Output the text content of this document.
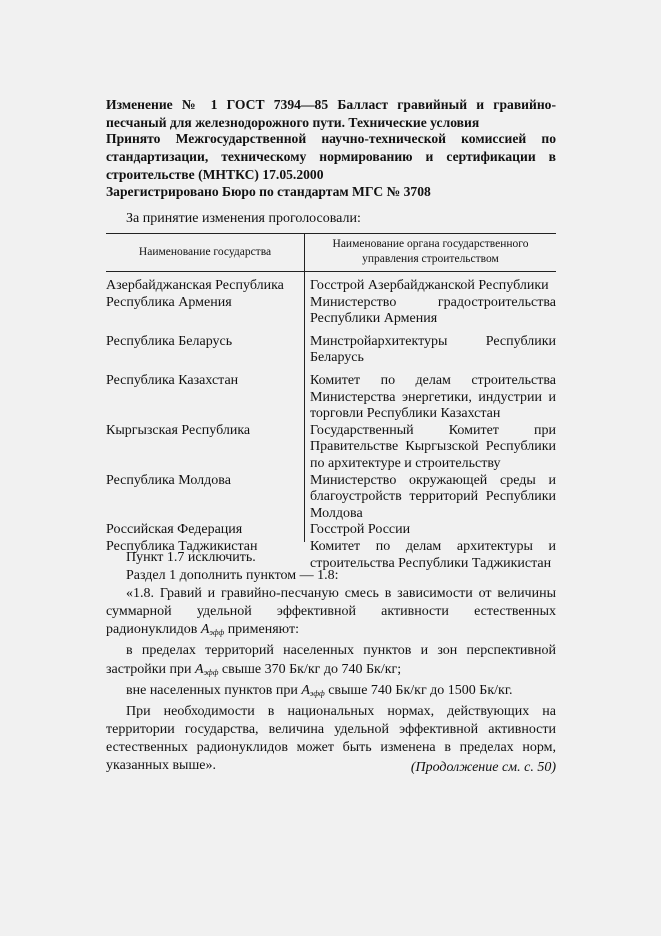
Изменение № 1 ГОСТ 7394—85 Балласт гравийный и гравийно-песчаный для железнодорожного пути. Технические условия
Принято Межгосударственной научно-технической комиссией по стандартизации, техническому нормированию и сертификации в строительстве (МНТКС) 17.05.2000
Зарегистрировано Бюро по стандартам МГС № 3708
За принятие изменения проголосовали:
Наименование государства
Наименование органа государственного управления строительством
Азербайджанская Республика	Госстрой Азербайджанской Республики
Республика Армения	Министерство градостроительства Республики Армения
Республика Беларусь	Минстройархитектуры Республики Беларусь
Республика Казахстан	Комитет по делам строительства Министерства энергетики, индустрии и торговли Республики Казахстан
Кыргызская Республика	Государственный Комитет при Правительстве Кыргызской Республики по архитектуре и строительству
Республика Молдова	Министерство окружающей среды и благоустройств территорий Республики Молдова
Российская Федерация	Госстрой России
Республика Таджикистан	Комитет по делам архитектуры и строительства Республики Таджикистан

Пункт 1.7 исключить.

Раздел 1 дополнить пунктом — 1.8:

«1.8. Гравий и гравийно-песчаную смесь в зависимости от величины суммарной удельной эффективной активности естественных радионуклидов $А_{эфф}$ применяют:

в пределах территорий населенных пунктов и зон перспективной застройки при $А_{эфф}$ свыше 370 Бк/кг до 740 Бк/кг;

вне населенных пунктов при $А_{эфф}$ свыше 740 Бк/кг до 1500 Бк/кг.

При необходимости в национальных нормах, действующих на территории государства, величина удельной эффективной активности естественных радионуклидов может быть изменена в пределах норм, указанных выше».	(Продолжение см. с. 50)
